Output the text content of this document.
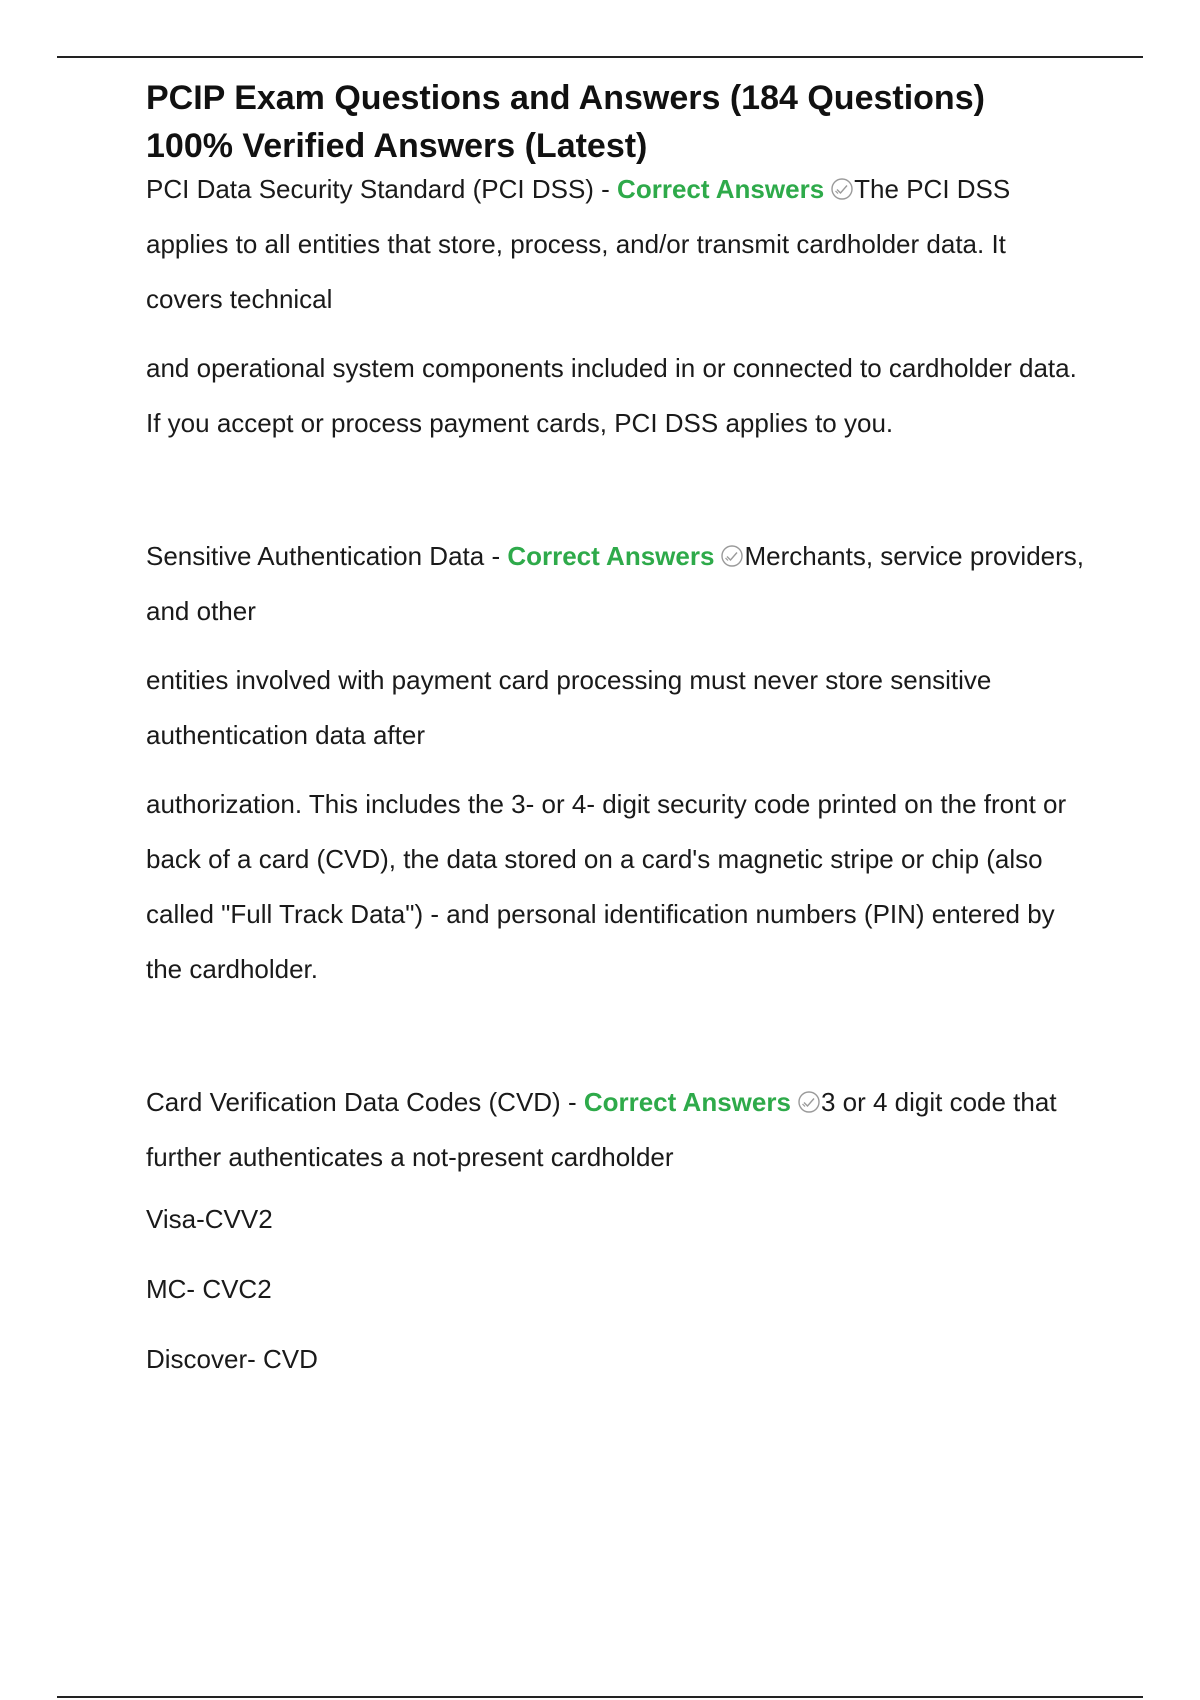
PCIP Exam Questions and Answers (184 Questions)
100% Verified Answers (Latest)

PCI Data Security Standard (PCI DSS) - Correct Answers The PCI DSS applies to all entities that store, process, and/or transmit cardholder data. It covers technical

and operational system components included in or connected to cardholder data. If you accept or process payment cards, PCI DSS applies to you.

Sensitive Authentication Data - Correct Answers Merchants, service providers, and other

entities involved with payment card processing must never store sensitive authentication data after

authorization. This includes the 3- or 4- digit security code printed on the front or back of a card (CVD), the data stored on a card's magnetic stripe or chip (also called "Full Track Data") - and personal identification numbers (PIN) entered by the cardholder.

Card Verification Data Codes (CVD) - Correct Answers 3 or 4 digit code that further authenticates a not-present cardholder

Visa-CVV2

MC- CVC2

Discover- CVD
